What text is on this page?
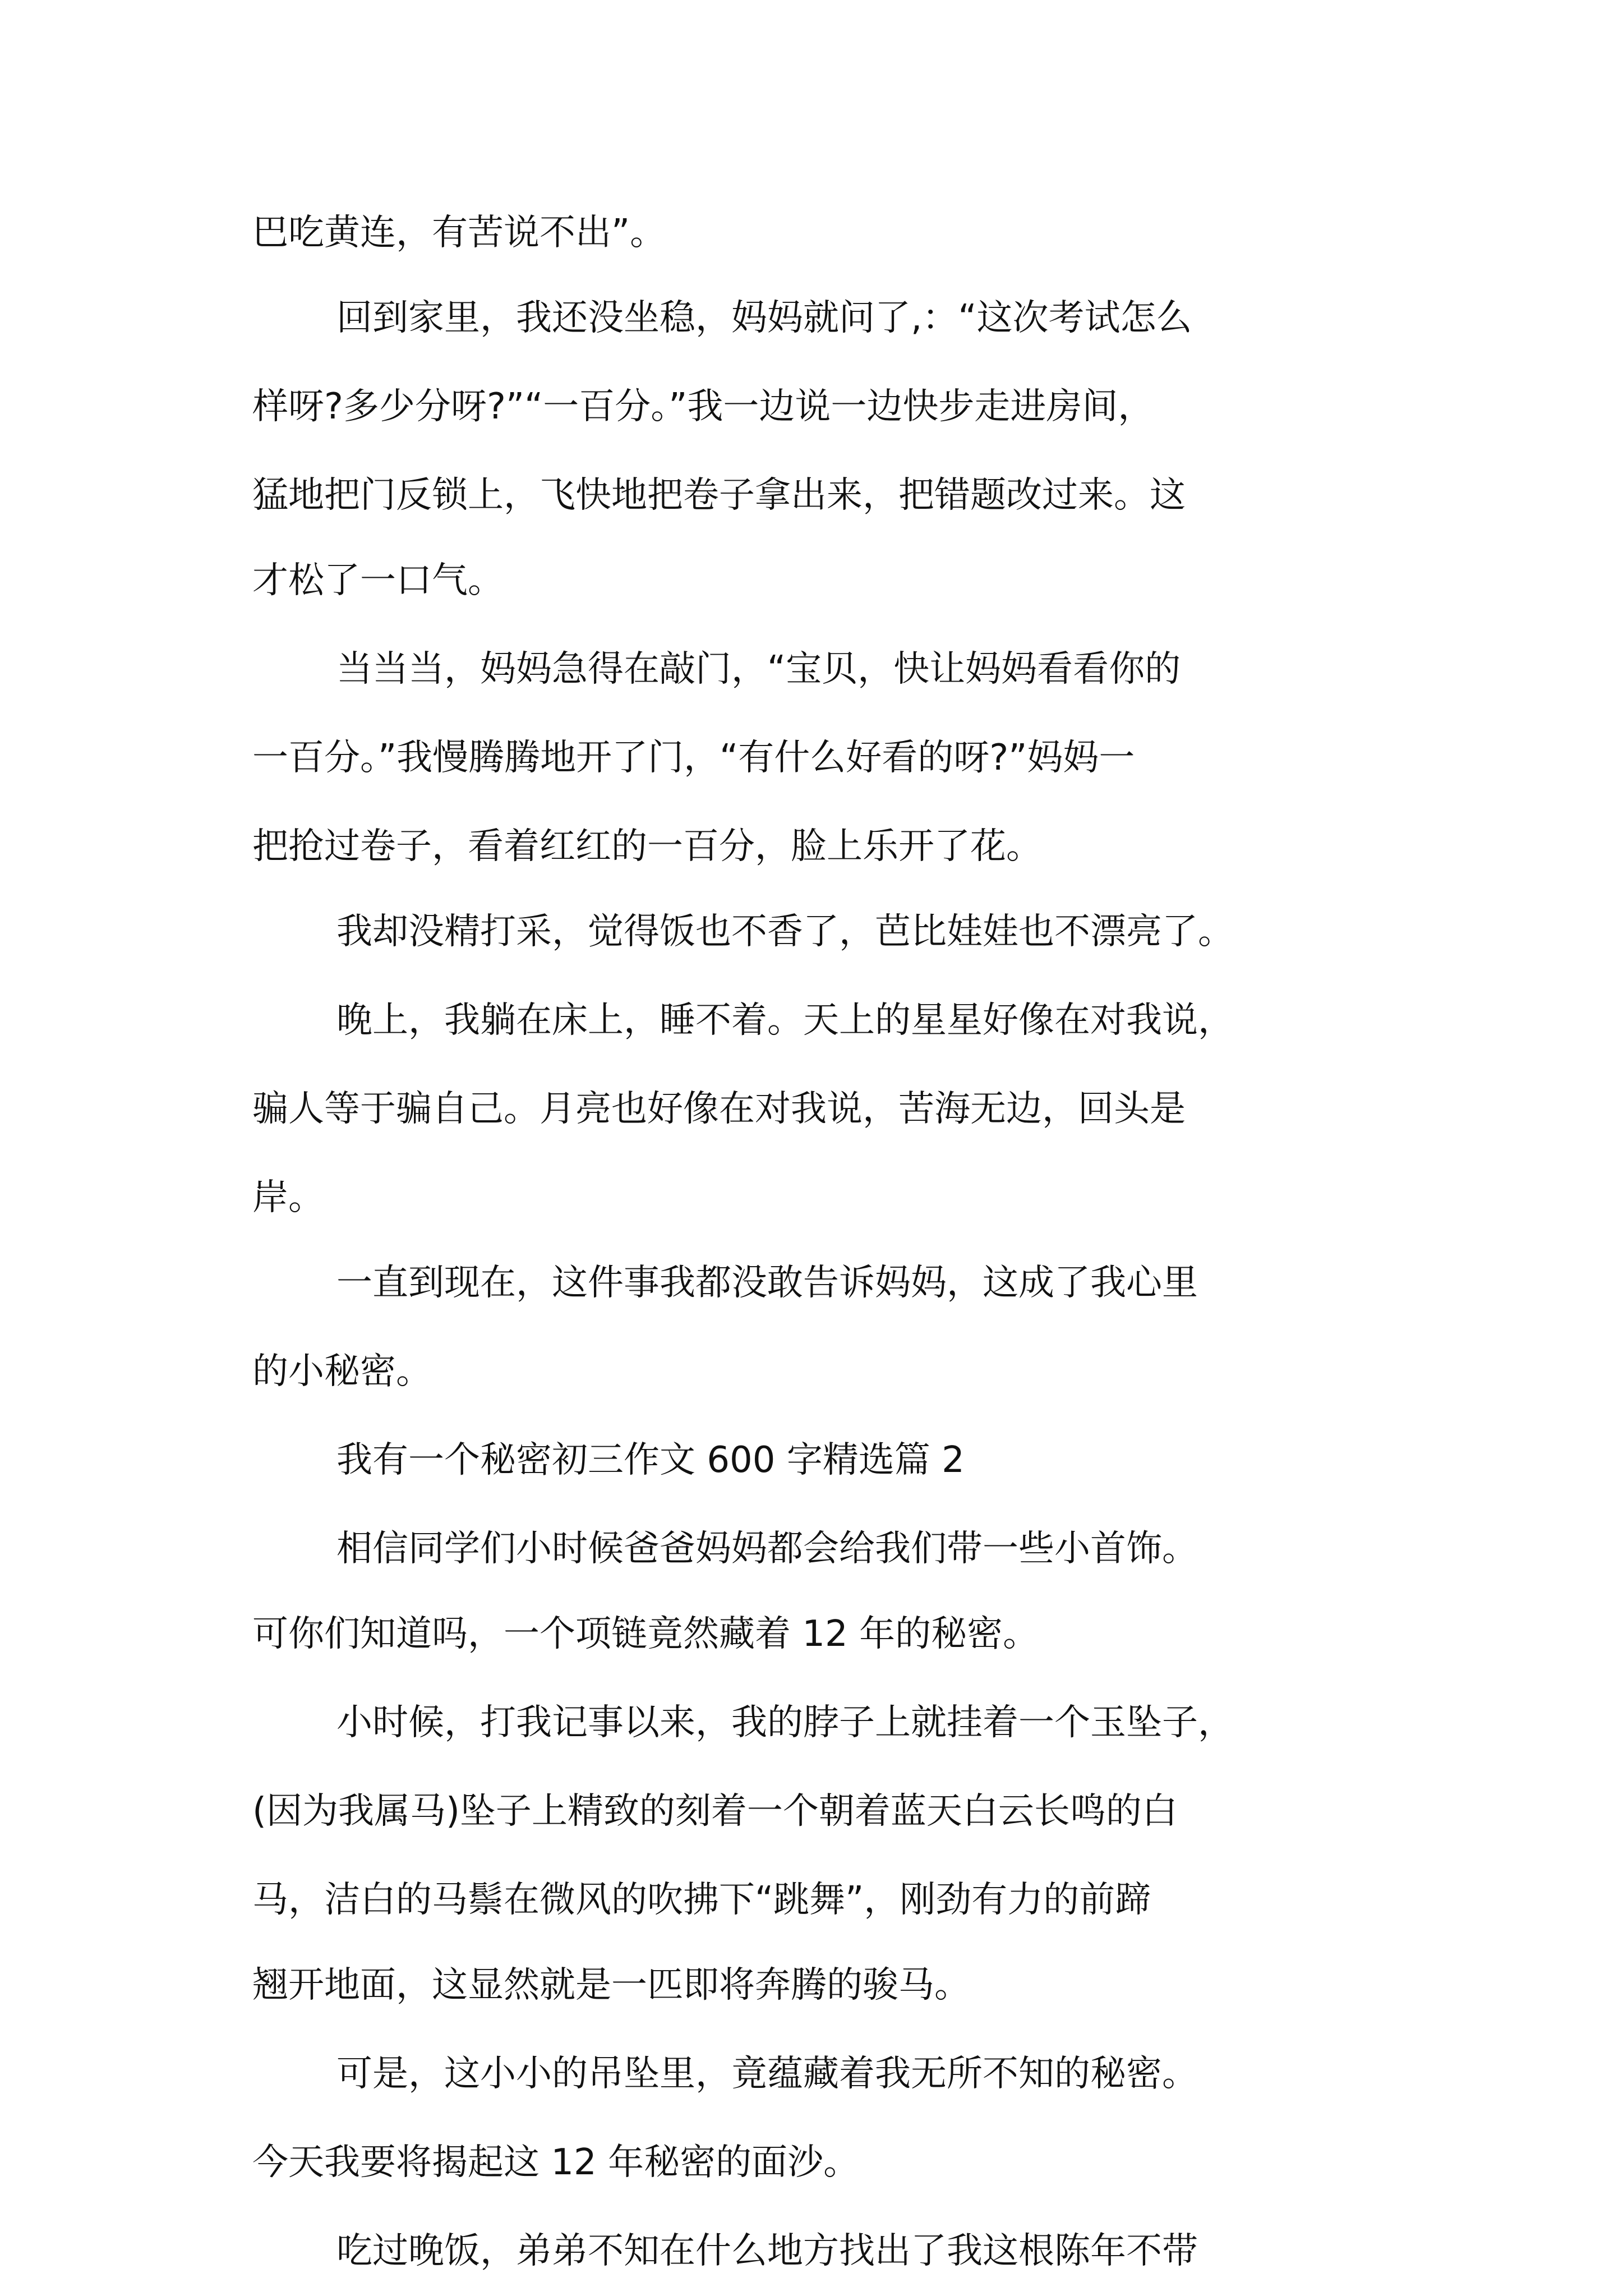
巴吃黄连，有苦说不出”。
回到家里，我还没坐稳，妈妈就问了,：“这次考试怎么
样呀?多少分呀?”“一百分。”我一边说一边快步走进房间，
猛地把门反锁上，飞快地把卷子拿出来，把错题改过来。这
才松了一口气。
当当当，妈妈急得在敲门，“宝贝，快让妈妈看看你的
一百分。”我慢腾腾地开了门，“有什么好看的呀?”妈妈一
把抢过卷子，看着红红的一百分，脸上乐开了花。
我却没精打采，觉得饭也不香了，芭比娃娃也不漂亮了。
晚上，我躺在床上，睡不着。天上的星星好像在对我说，
骗人等于骗自己。月亮也好像在对我说，苦海无边，回头是
岸。
一直到现在，这件事我都没敢告诉妈妈，这成了我心里
的小秘密。
我有一个秘密初三作文 600 字精选篇 2
相信同学们小时候爸爸妈妈都会给我们带一些小首饰。
可你们知道吗，一个项链竟然藏着 12 年的秘密。
小时候，打我记事以来，我的脖子上就挂着一个玉坠子，
(因为我属马)坠子上精致的刻着一个朝着蓝天白云长鸣的白
马，洁白的马鬃在微风的吹拂下“跳舞”，刚劲有力的前蹄
翘开地面，这显然就是一匹即将奔腾的骏马。
可是，这小小的吊坠里，竟蕴藏着我无所不知的秘密。
今天我要将揭起这 12 年秘密的面沙。
吃过晚饭，弟弟不知在什么地方找出了我这根陈年不带
